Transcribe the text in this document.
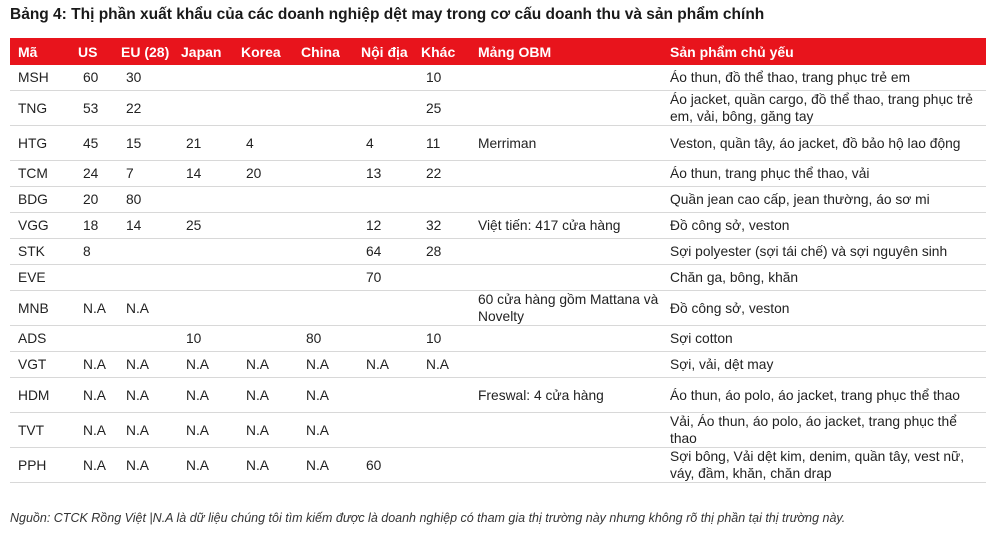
Bảng 4: Thị phần xuất khẩu của các doanh nghiệp dệt may trong cơ cấu doanh thu và sản phẩm chính
Mã	US	EU (28)	Japan	Korea	China	Nội địa	Khác	Mảng OBM	Sản phẩm chủ yếu
MSH	60	30					10		Áo thun, đồ thể thao, trang phục trẻ em
TNG	53	22					25		Áo jacket, quần cargo, đồ thể thao, trang phục trẻ em, vải, bông, găng tay
HTG	45	15	21	4		4	11	Merriman	Veston, quần tây, áo jacket, đồ bảo hộ lao động
TCM	24	7	14	20		13	22		Áo thun, trang phục thể thao, vải
BDG	20	80							Quần jean cao cấp, jean thường, áo sơ mi
VGG	18	14	25			12	32	Việt tiến: 417 cửa hàng	Đồ công sở, veston
STK	8					64	28		Sợi polyester (sợi tái chế) và sợi nguyên sinh
EVE						70			Chăn ga, bông, khăn
MNB	N.A	N.A						60 cửa hàng gồm Mattana và Novelty	Đồ công sở, veston
ADS			10		80		10		Sợi cotton
VGT	N.A	N.A	N.A	N.A	N.A	N.A	N.A		Sợi, vải, dệt may
HDM	N.A	N.A	N.A	N.A	N.A			Freswal: 4 cửa hàng	Áo thun, áo polo, áo jacket, trang phục thể thao
TVT	N.A	N.A	N.A	N.A	N.A				Vải, Áo thun, áo polo, áo jacket, trang phục thể thao
PPH	N.A	N.A	N.A	N.A	N.A	60			Sợi bông, Vải dệt kim, denim, quần tây, vest nữ, váy, đầm, khăn, chăn drap
Nguồn: CTCK Rồng Việt |N.A là dữ liệu chúng tôi tìm kiếm được là doanh nghiệp có tham gia thị trường này nhưng không rõ thị phần tại thị trường này.
